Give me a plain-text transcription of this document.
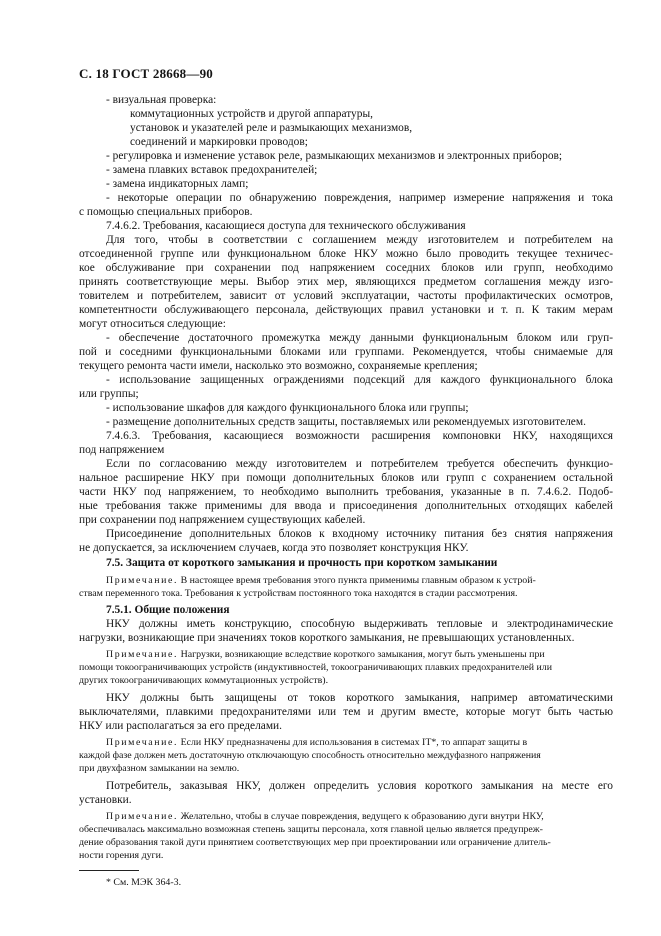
С. 18 ГОСТ 28668—90
- визуальная проверка:
коммутационных устройств и другой аппаратуры,
установок и указателей реле и размыкающих механизмов,
соединений и маркировки проводов;
- регулировка и изменение уставок реле, размыкающих механизмов и электронных приборов;
- замена плавких вставок предохранителей;
- замена индикаторных ламп;
- некоторые операции по обнаружению повреждения, например измерение напряжения и тока
с помощью специальных приборов.
7.4.6.2. Требования, касающиеся доступа для технического обслуживания
Для того, чтобы в соответствии с соглашением между изготовителем и потребителем на
отсоединенной группе или функциональном блоке НКУ можно было проводить текущее техничес-
кое обслуживание при сохранении под напряжением соседних блоков или групп, необходимо
принять соответствующие меры. Выбор этих мер, являющихся предметом соглашения между изго-
товителем и потребителем, зависит от условий эксплуатации, частоты профилактических осмотров,
компетентности обслуживающего персонала, действующих правил установки и т. п. К таким мерам
могут относиться следующие:
- обеспечение достаточного промежутка между данными функциональным блоком или груп-
пой и соседними функциональными блоками или группами. Рекомендуется, чтобы снимаемые для
текущего ремонта части имели, насколько это возможно, сохраняемые крепления;
- использование защищенных ограждениями подсекций для каждого функционального блока
или группы;
- использование шкафов для каждого функционального блока или группы;
- размещение дополнительных средств защиты, поставляемых или рекомендуемых изготовителем.
7.4.6.3. Требования, касающиеся возможности расширения компоновки НКУ, находящихся
под напряжением
Если по согласованию между изготовителем и потребителем требуется обеспечить функцио-
нальное расширение НКУ при помощи дополнительных блоков или групп с сохранением остальной
части НКУ под напряжением, то необходимо выполнить требования, указанные в п. 7.4.6.2. Подоб-
ные требования также применимы для ввода и присоединения дополнительных отходящих кабелей
при сохранении под напряжением существующих кабелей.
Присоединение дополнительных блоков к входному источнику питания без снятия напряжения
не допускается, за исключением случаев, когда это позволяет конструкция НКУ.
7.5. Защита от короткого замыкания и прочность при коротком замыкании
Примечание. В настоящее время требования этого пункта применимы главным образом к устрой-
ствам переменного тока. Требования к устройствам постоянного тока находятся в стадии рассмотрения.
7.5.1. Общие положения
НКУ должны иметь конструкцию, способную выдерживать тепловые и электродинамические
нагрузки, возникающие при значениях токов короткого замыкания, не превышающих установленных.
Примечание. Нагрузки, возникающие вследствие короткого замыкания, могут быть уменьшены при
помощи токоограничивающих устройств (индуктивностей, токоограничивающих плавких предохранителей или
других токоограничивающих коммутационных устройств).
НКУ должны быть защищены от токов короткого замыкания, например автоматическими
выключателями, плавкими предохранителями или тем и другим вместе, которые могут быть частью
НКУ или располагаться за его пределами.
Примечание. Если НКУ предназначены для использования в системах IT*, то аппарат защиты в
каждой фазе должен меть достаточную отключающую способность относительно междуфазного напряжения
при двухфазном замыкании на землю.
Потребитель, заказывая НКУ, должен определить условия короткого замыкания на месте его
установки.
Примечание. Желательно, чтобы в случае повреждения, ведущего к образованию дуги внутри НКУ,
обеспечивалась максимально возможная степень защиты персонала, хотя главной целью является предупреж-
дение образования такой дуги принятием соответствующих мер при проектировании или ограничение длитель-
ности горения дуги.
* См. МЭК 364-3.
